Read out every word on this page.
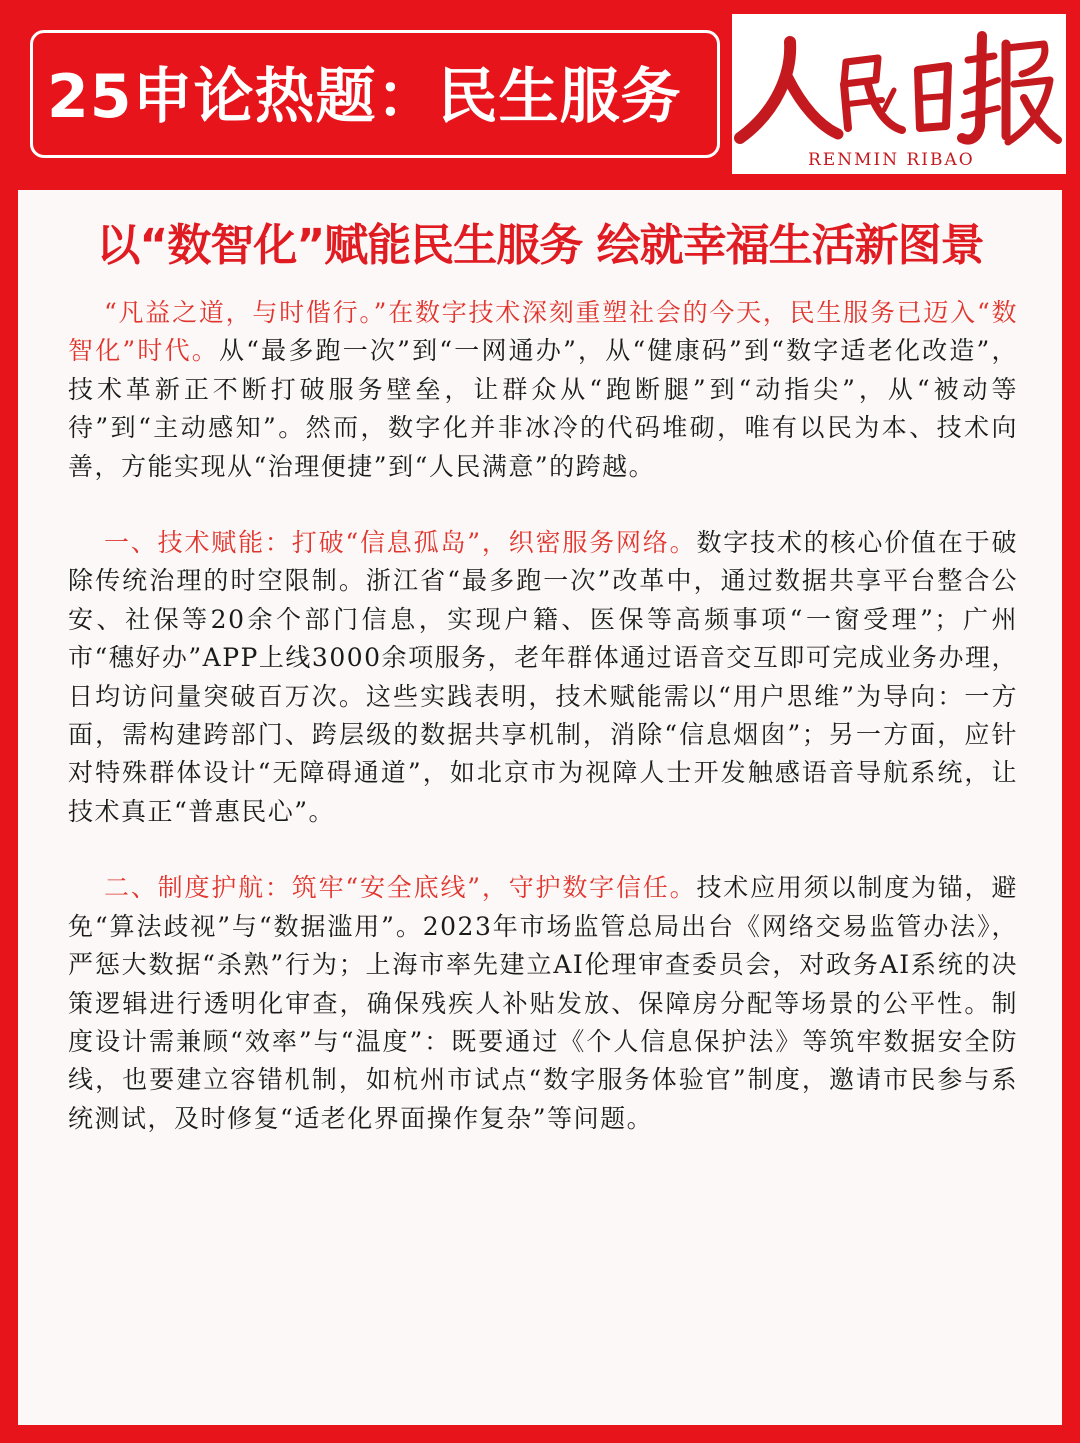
25申论热题：民生服务
RENMIN RIBAO
以“数智化”赋能民生服务 绘就幸福生活新图景

“凡益之道，与时偕行。”在数字技术深刻重塑社会的今天，民生服务已迈入“数智化”时代。从“最多跑一次”到“一网通办”，从“健康码”到“数字适老化改造”，技术革新正不断打破服务壁垒，让群众从“跑断腿”到“动指尖”，从“被动等待”到“主动感知”。然而，数字化并非冰冷的代码堆砌，唯有以民为本、技术向善，方能实现从“治理便捷”到“人民满意”的跨越。

一、技术赋能：打破“信息孤岛”，织密服务网络。数字技术的核心价值在于破除传统治理的时空限制。浙江省“最多跑一次”改革中，通过数据共享平台整合公安、社保等20余个部门信息，实现户籍、医保等高频事项“一窗受理”；广州市“穗好办”APP上线3000余项服务，老年群体通过语音交互即可完成业务办理，日均访问量突破百万次。这些实践表明，技术赋能需以“用户思维”为导向：一方面，需构建跨部门、跨层级的数据共享机制，消除“信息烟囱”；另一方面，应针对特殊群体设计“无障碍通道”，如北京市为视障人士开发触感语音导航系统，让技术真正“普惠民心”。

二、制度护航：筑牢“安全底线”，守护数字信任。技术应用须以制度为锚，避免“算法歧视”与“数据滥用”。2023年市场监管总局出台《网络交易监管办法》，严惩大数据“杀熟”行为；上海市率先建立AI伦理审查委员会，对政务AI系统的决策逻辑进行透明化审查，确保残疾人补贴发放、保障房分配等场景的公平性。制度设计需兼顾“效率”与“温度”：既要通过《个人信息保护法》等筑牢数据安全防线，也要建立容错机制，如杭州市试点“数字服务体验官”制度，邀请市民参与系统测试，及时修复“适老化界面操作复杂”等问题。
